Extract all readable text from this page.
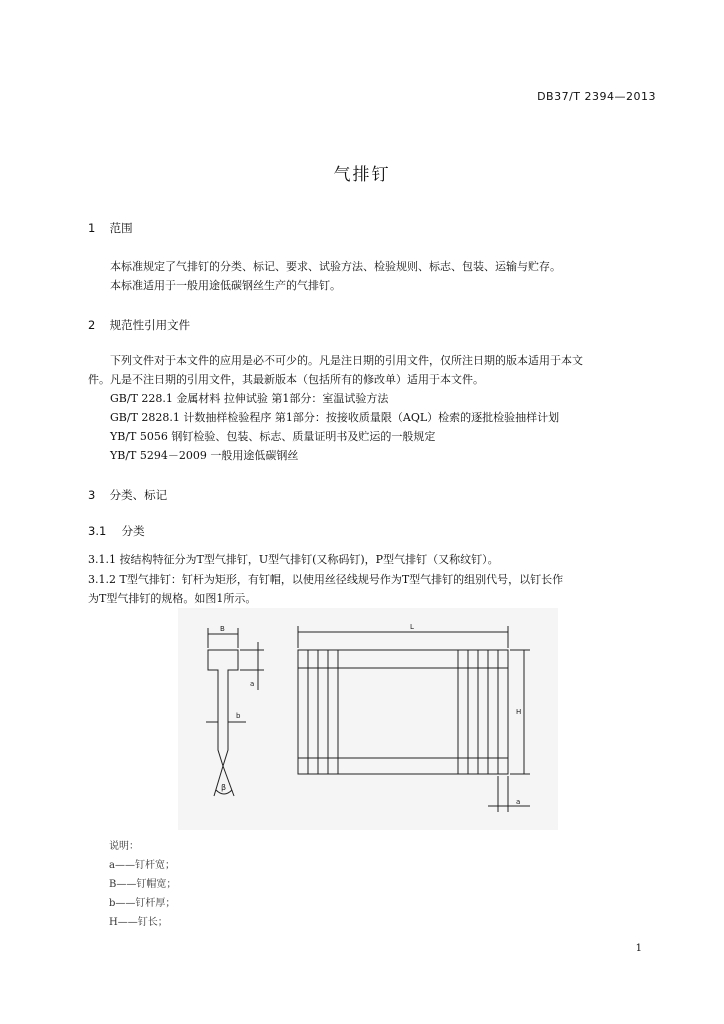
DB37/T 2394—2013
气排钉
1 范围
本标准规定了气排钉的分类、标记、要求、试验方法、检验规则、标志、包装、运输与贮存。
本标准适用于一般用途低碳钢丝生产的气排钉。
2 规范性引用文件
下列文件对于本文件的应用是必不可少的。凡是注日期的引用文件，仅所注日期的版本适用于本文
件。凡是不注日期的引用文件，其最新版本（包括所有的修改单）适用于本文件。
GB/T 228.1 金属材料 拉伸试验 第1部分：室温试验方法
GB/T 2828.1 计数抽样检验程序 第1部分：按接收质量限（AQL）检索的逐批检验抽样计划
YB/T 5056 钢钉检验、包装、标志、质量证明书及贮运的一般规定
YB/T 5294－2009 一般用途低碳钢丝
3 分类、标记
3.1 分类
3.1.1 按结构特征分为T型气排钉，U型气排钉(又称码钉)，P型气排钉（又称纹钉）。
3.1.2 T型气排钉：钉杆为矩形，有钉帽，以使用丝径线规号作为T型气排钉的组别代号，以钉长作
为T型气排钉的规格。如图1所示。
B
a
b
β
L
H
a
说明：
a——钉杆宽；
B——钉帽宽；
b——钉杆厚；
H——钉长；
1
